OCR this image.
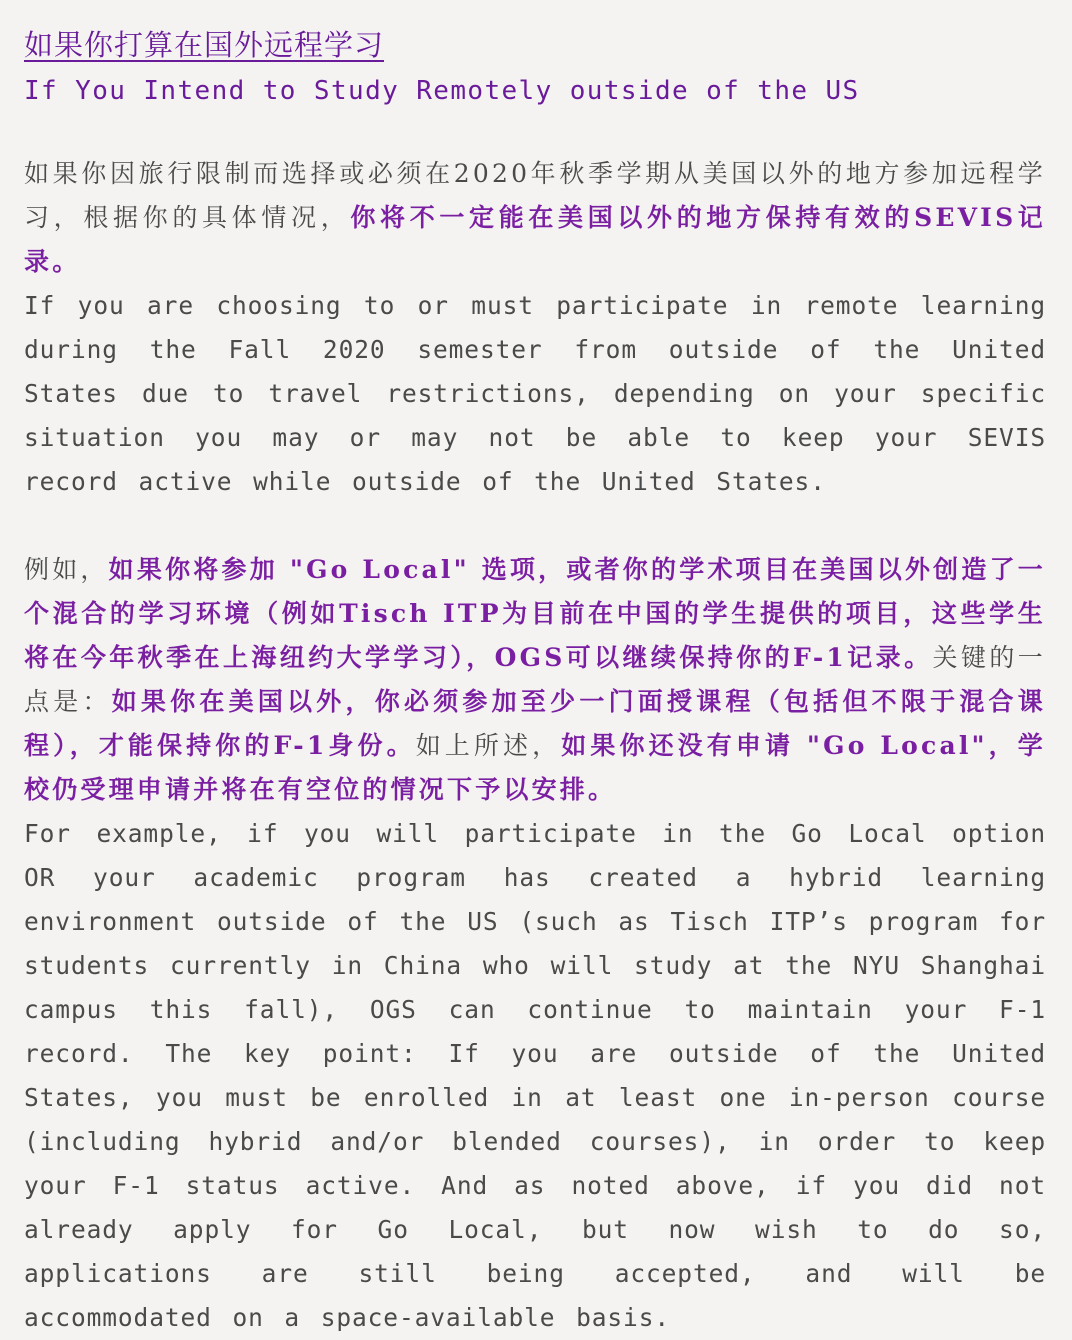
如果你打算在国外远程学习
If You Intend to Study Remotely outside of the US
如果你因旅行限制而选择或必须在2020年秋季学期从美国以外的地方参加远程学习，根据你的具体情况，你将不一定能在美国以外的地方保持有效的SEVIS记录。
If you are choosing to or must participate in remote learning during the Fall 2020 semester from outside of the United States due to travel restrictions, depending on your specific situation you may or may not be able to keep your SEVIS record active while outside of the United States.
例如，如果你将参加 "Go Local" 选项，或者你的学术项目在美国以外创造了一个混合的学习环境（例如Tisch ITP为目前在中国的学生提供的项目，这些学生将在今年秋季在上海纽约大学学习），OGS可以继续保持你的F-1记录。关键的一点是：如果你在美国以外，你必须参加至少一门面授课程（包括但不限于混合课程），才能保持你的F-1身份。如上所述，如果你还没有申请 "Go Local"，学校仍受理申请并将在有空位的情况下予以安排。
For example, if you will participate in the Go Local option OR your academic program has created a hybrid learning environment outside of the US (such as Tisch ITP’s program for students currently in China who will study at the NYU Shanghai campus this fall), OGS can continue to maintain your F-1 record. The key point: If you are outside of the United States, you must be enrolled in at least one in-person course (including hybrid and/or blended courses), in order to keep your F-1 status active. And as noted above, if you did not already apply for Go Local, but now wish to do so, applications are still being accepted, and will be accommodated on a space-available basis.
